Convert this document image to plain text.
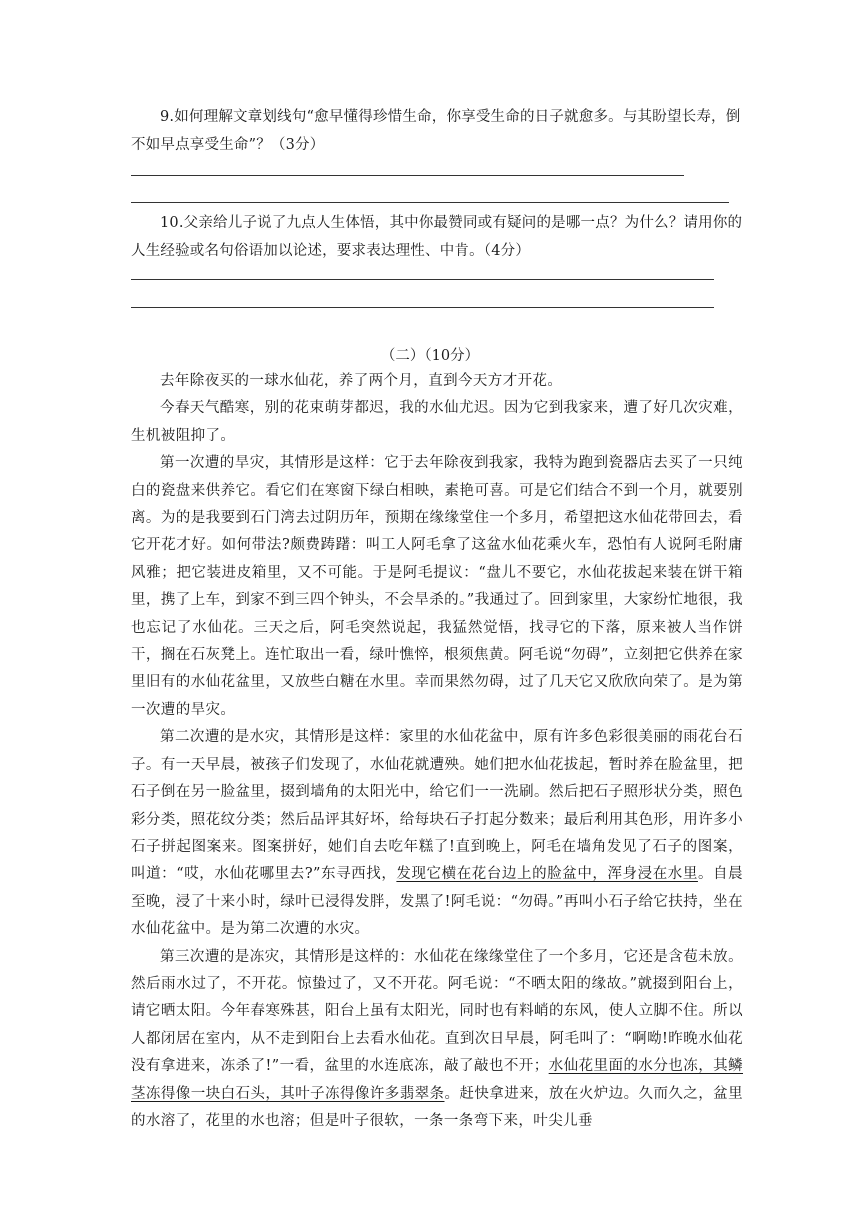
9.如何理解文章划线句“愈早懂得珍惜生命，你享受生命的日子就愈多。与其盼望长寿，倒不如早点享受生命”？（3分）

10.父亲给儿子说了九点人生体悟，其中你最赞同或有疑问的是哪一点？为什么？请用你的人生经验或名句俗语加以论述，要求表达理性、中肯。（4分）

（二）（10分）

去年除夜买的一球水仙花，养了两个月，直到今天方才开花。

今春天气酷寒，别的花束萌芽都迟，我的水仙尤迟。因为它到我家来，遭了好几次灾难，生机被阻抑了。

第一次遭的旱灾，其情形是这样：它于去年除夜到我家，我特为跑到瓷器店去买了一只纯白的瓷盘来供养它。看它们在寒窗下绿白相映，素艳可喜。可是它们结合不到一个月，就要别离。为的是我要到石门湾去过阴历年，预期在缘缘堂住一个多月，希望把这水仙花带回去，看它开花才好。如何带法?颇费踌躇：叫工人阿毛拿了这盆水仙花乘火车，恐怕有人说阿毛附庸风雅；把它装进皮箱里，又不可能。于是阿毛提议：“盘儿不要它，水仙花拔起来装在饼干箱里，携了上车，到家不到三四个钟头，不会旱杀的。”我通过了。回到家里，大家纷忙地很，我也忘记了水仙花。三天之后，阿毛突然说起，我猛然觉悟，找寻它的下落，原来被人当作饼干，搁在石灰凳上。连忙取出一看，绿叶憔悴，根须焦黄。阿毛说“勿碍”，立刻把它供养在家里旧有的水仙花盆里，又放些白糖在水里。幸而果然勿碍，过了几天它又欣欣向荣了。是为第一次遭的旱灾。

第二次遭的是水灾，其情形是这样：家里的水仙花盆中，原有许多色彩很美丽的雨花台石子。有一天早晨，被孩子们发现了，水仙花就遭殃。她们把水仙花拔起，暂时养在脸盆里，把石子倒在另一脸盆里，掇到墙角的太阳光中，给它们一一洗刷。然后把石子照形状分类，照色彩分类，照花纹分类；然后品评其好坏，给每块石子打起分数来；最后利用其色形，用许多小石子拼起图案来。图案拼好，她们自去吃年糕了!直到晚上，阿毛在墙角发见了石子的图案，叫道：“哎，水仙花哪里去?”东寻西找，发现它横在花台边上的脸盆中，浑身浸在水里。自晨至晚，浸了十来小时，绿叶已浸得发胖，发黑了!阿毛说：“勿碍。”再叫小石子给它扶持，坐在水仙花盆中。是为第二次遭的水灾。

第三次遭的是冻灾，其情形是这样的：水仙花在缘缘堂住了一个多月，它还是含苞未放。然后雨水过了，不开花。惊蛰过了，又不开花。阿毛说：“不晒太阳的缘故。”就掇到阳台上，请它晒太阳。今年春寒殊甚，阳台上虽有太阳光，同时也有料峭的东风，使人立脚不住。所以人都闭居在室内，从不走到阳台上去看水仙花。直到次日早晨，阿毛叫了：“啊呦!昨晚水仙花没有拿进来，冻杀了!”一看，盆里的水连底冻，敲了敲也不开；水仙花里面的水分也冻，其鳞茎冻得像一块白石头，其叶子冻得像许多翡翠条。赶快拿进来，放在火炉边。久而久之，盆里的水溶了，花里的水也溶；但是叶子很软，一条一条弯下来，叶尖儿垂
